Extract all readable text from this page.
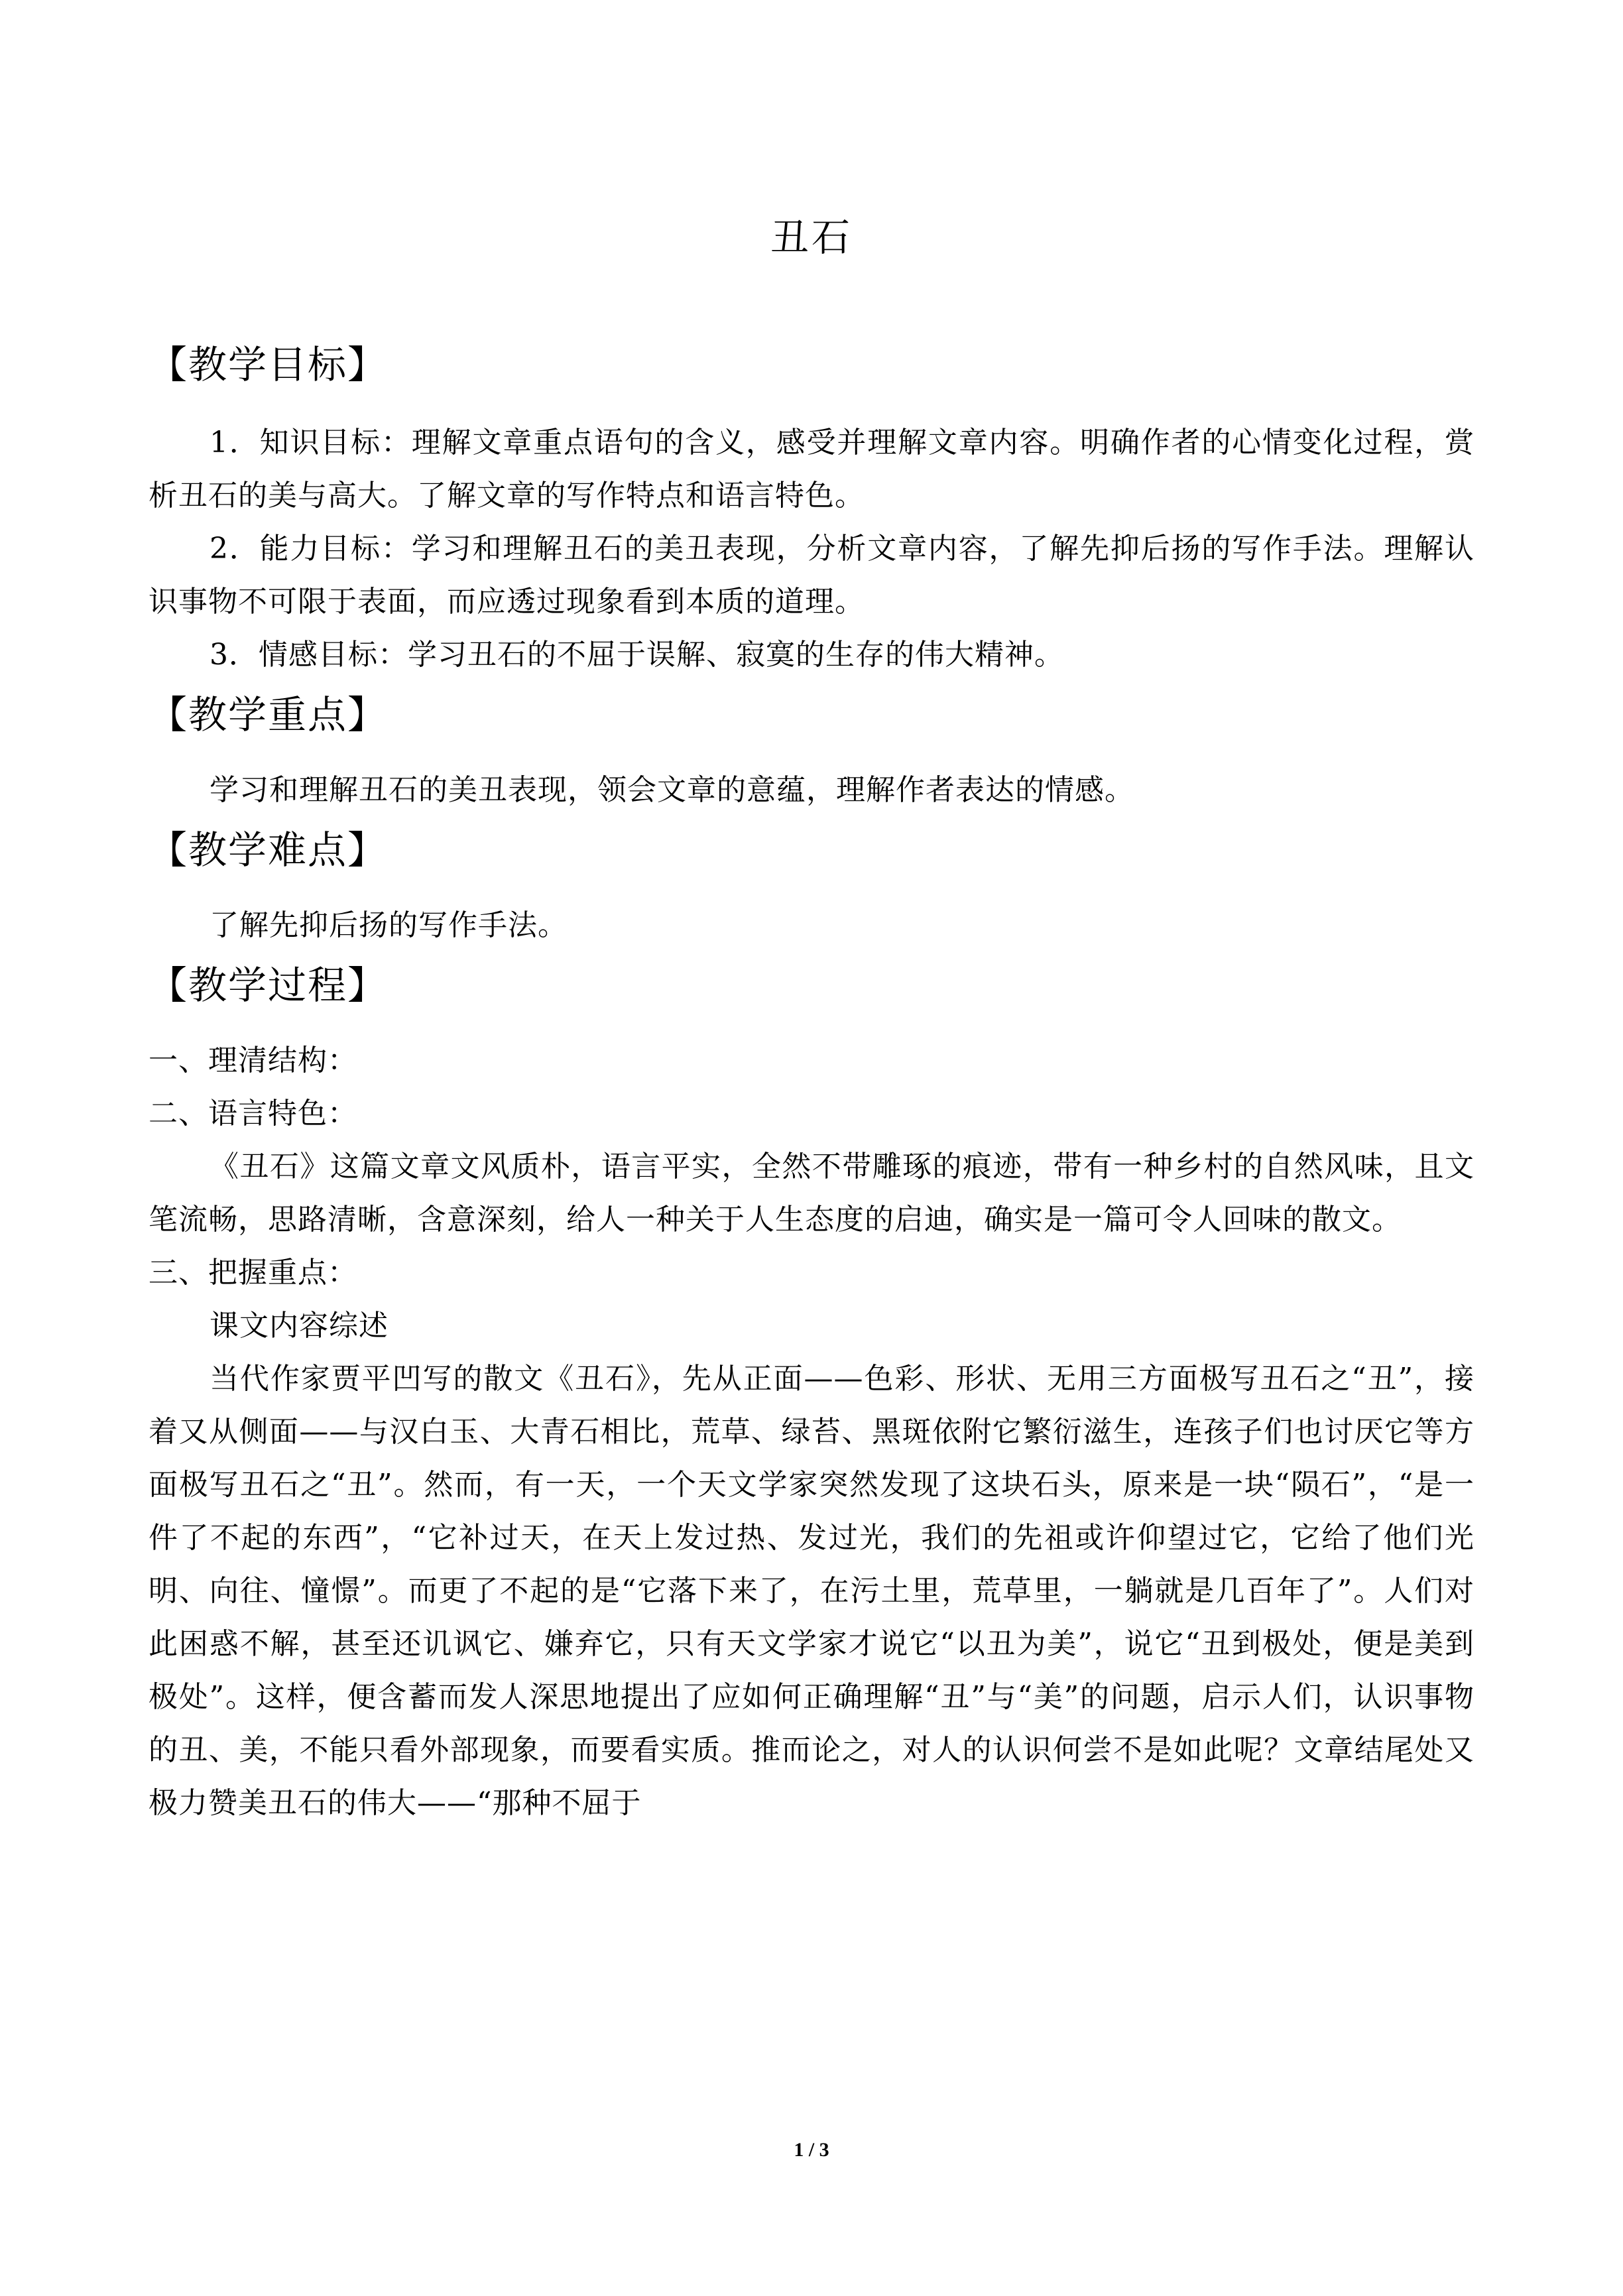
丑石
【教学目标】

1．知识目标：理解文章重点语句的含义，感受并理解文章内容。明确作者的心情变化过程，赏析丑石的美与高大。了解文章的写作特点和语言特色。

2．能力目标：学习和理解丑石的美丑表现，分析文章内容，了解先抑后扬的写作手法。理解认识事物不可限于表面，而应透过现象看到本质的道理。

3．情感目标：学习丑石的不屈于误解、寂寞的生存的伟大精神。

【教学重点】

学习和理解丑石的美丑表现，领会文章的意蕴，理解作者表达的情感。

【教学难点】

了解先抑后扬的写作手法。

【教学过程】

一、理清结构：

二、语言特色：

《丑石》这篇文章文风质朴，语言平实，全然不带雕琢的痕迹，带有一种乡村的自然风味，且文笔流畅，思路清晰，含意深刻，给人一种关于人生态度的启迪，确实是一篇可令人回味的散文。

三、把握重点：

课文内容综述

当代作家贾平凹写的散文《丑石》，先从正面——色彩、形状、无用三方面极写丑石之“丑”，接着又从侧面——与汉白玉、大青石相比，荒草、绿苔、黑斑依附它繁衍滋生，连孩子们也讨厌它等方面极写丑石之“丑”。然而，有一天，一个天文学家突然发现了这块石头，原来是一块“陨石”，“是一件了不起的东西”，“它补过天，在天上发过热、发过光，我们的先祖或许仰望过它，它给了他们光明、向往、憧憬”。而更了不起的是“它落下来了，在污土里，荒草里，一躺就是几百年了”。人们对此困惑不解，甚至还讥讽它、嫌弃它，只有天文学家才说它“以丑为美”，说它“丑到极处，便是美到极处”。这样，便含蓄而发人深思地提出了应如何正确理解“丑”与“美”的问题，启示人们，认识事物的丑、美，不能只看外部现象，而要看实质。推而论之，对人的认识何尝不是如此呢？文章结尾处又极力赞美丑石的伟大——“那种不屈于

1 / 3
